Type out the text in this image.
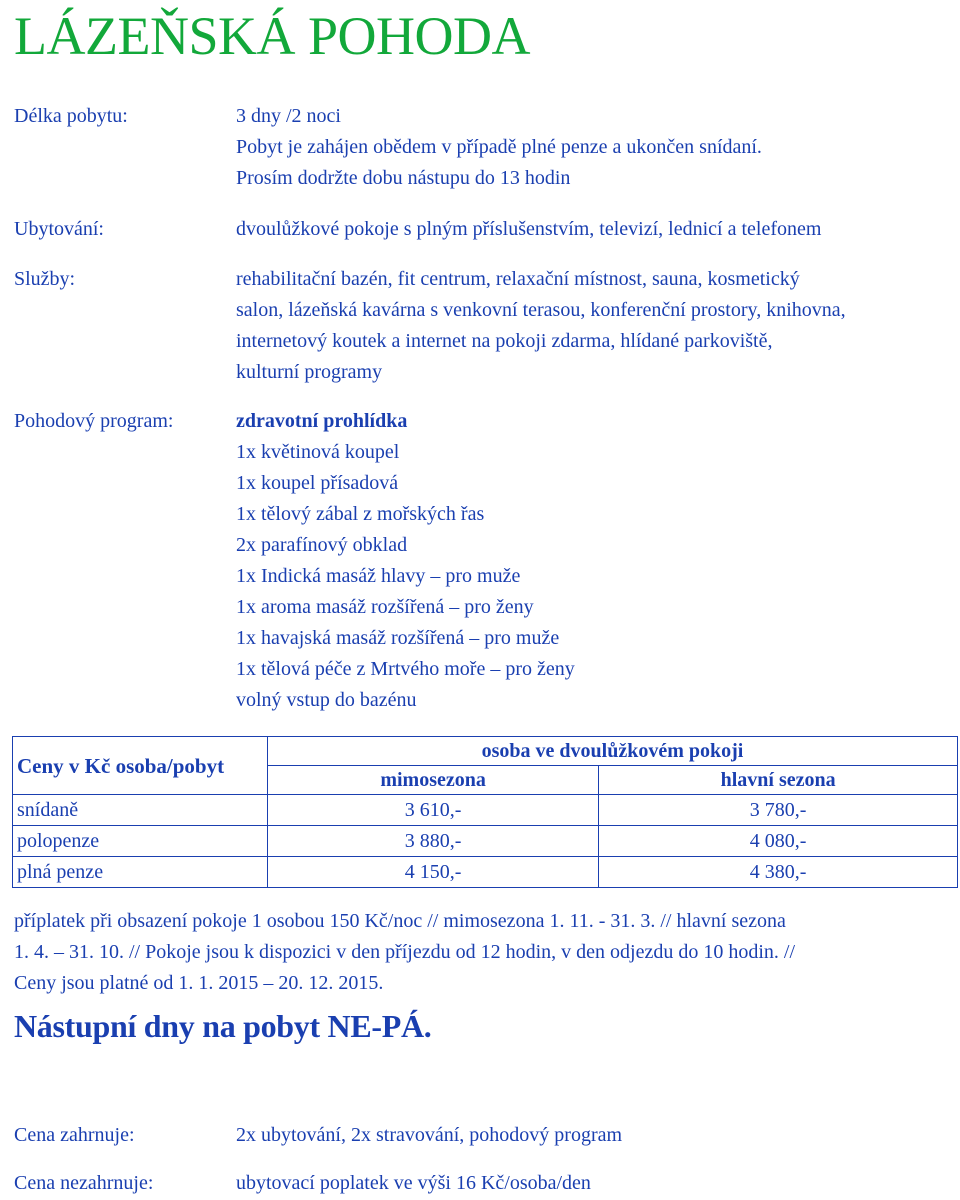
LÁZEŇSKÁ POHODA
Délka pobytu:	3 dny /2 noci
Pobyt je zahájen obědem v případě plné penze a ukončen snídaní.
Prosím dodržte dobu nástupu do 13 hodin
Ubytování:	dvoulůžkové pokoje s plným příslušenstvím, televizí, lednicí a telefonem
Služby:	rehabilitační bazén, fit centrum, relaxační místnost, sauna, kosmetický
salon, lázeňská kavárna s venkovní terasou, konferenční prostory, knihovna,
internetový koutek a internet na pokoji zdarma, hlídané parkoviště,
kulturní programy
Pohodový program:	zdravotní prohlídka
1x květinová koupel
1x koupel přísadová
1x tělový zábal z mořských řas
2x parafínový obklad
1x Indická masáž hlavy – pro muže
1x aroma masáž rozšířená – pro ženy
1x havajská masáž rozšířená – pro muže
1x tělová péče z Mrtvého moře – pro ženy
volný vstup do bazénu
Ceny v Kč osoba/pobyt	osoba ve dvoulůžkovém pokoji	
	mimosezona	hlavní sezona
snídaně	3 610,-	3 780,-
polopenze	3 880,-	4 080,-
plná penze	4 150,-	4 380,-
příplatek při obsazení pokoje 1 osobou 150 Kč/noc // mimosezona 1. 11. - 31. 3. // hlavní sezona
1. 4. – 31. 10. // Pokoje jsou k dispozici v den příjezdu od 12 hodin, v den odjezdu do 10 hodin. //
Ceny jsou platné od 1. 1. 2015 – 20. 12. 2015.
Nástupní dny na pobyt NE-PÁ.
Cena zahrnuje:	2x ubytování, 2x stravování, pohodový program
Cena nezahrnuje:	ubytovací poplatek ve výši 16 Kč/osoba/den
